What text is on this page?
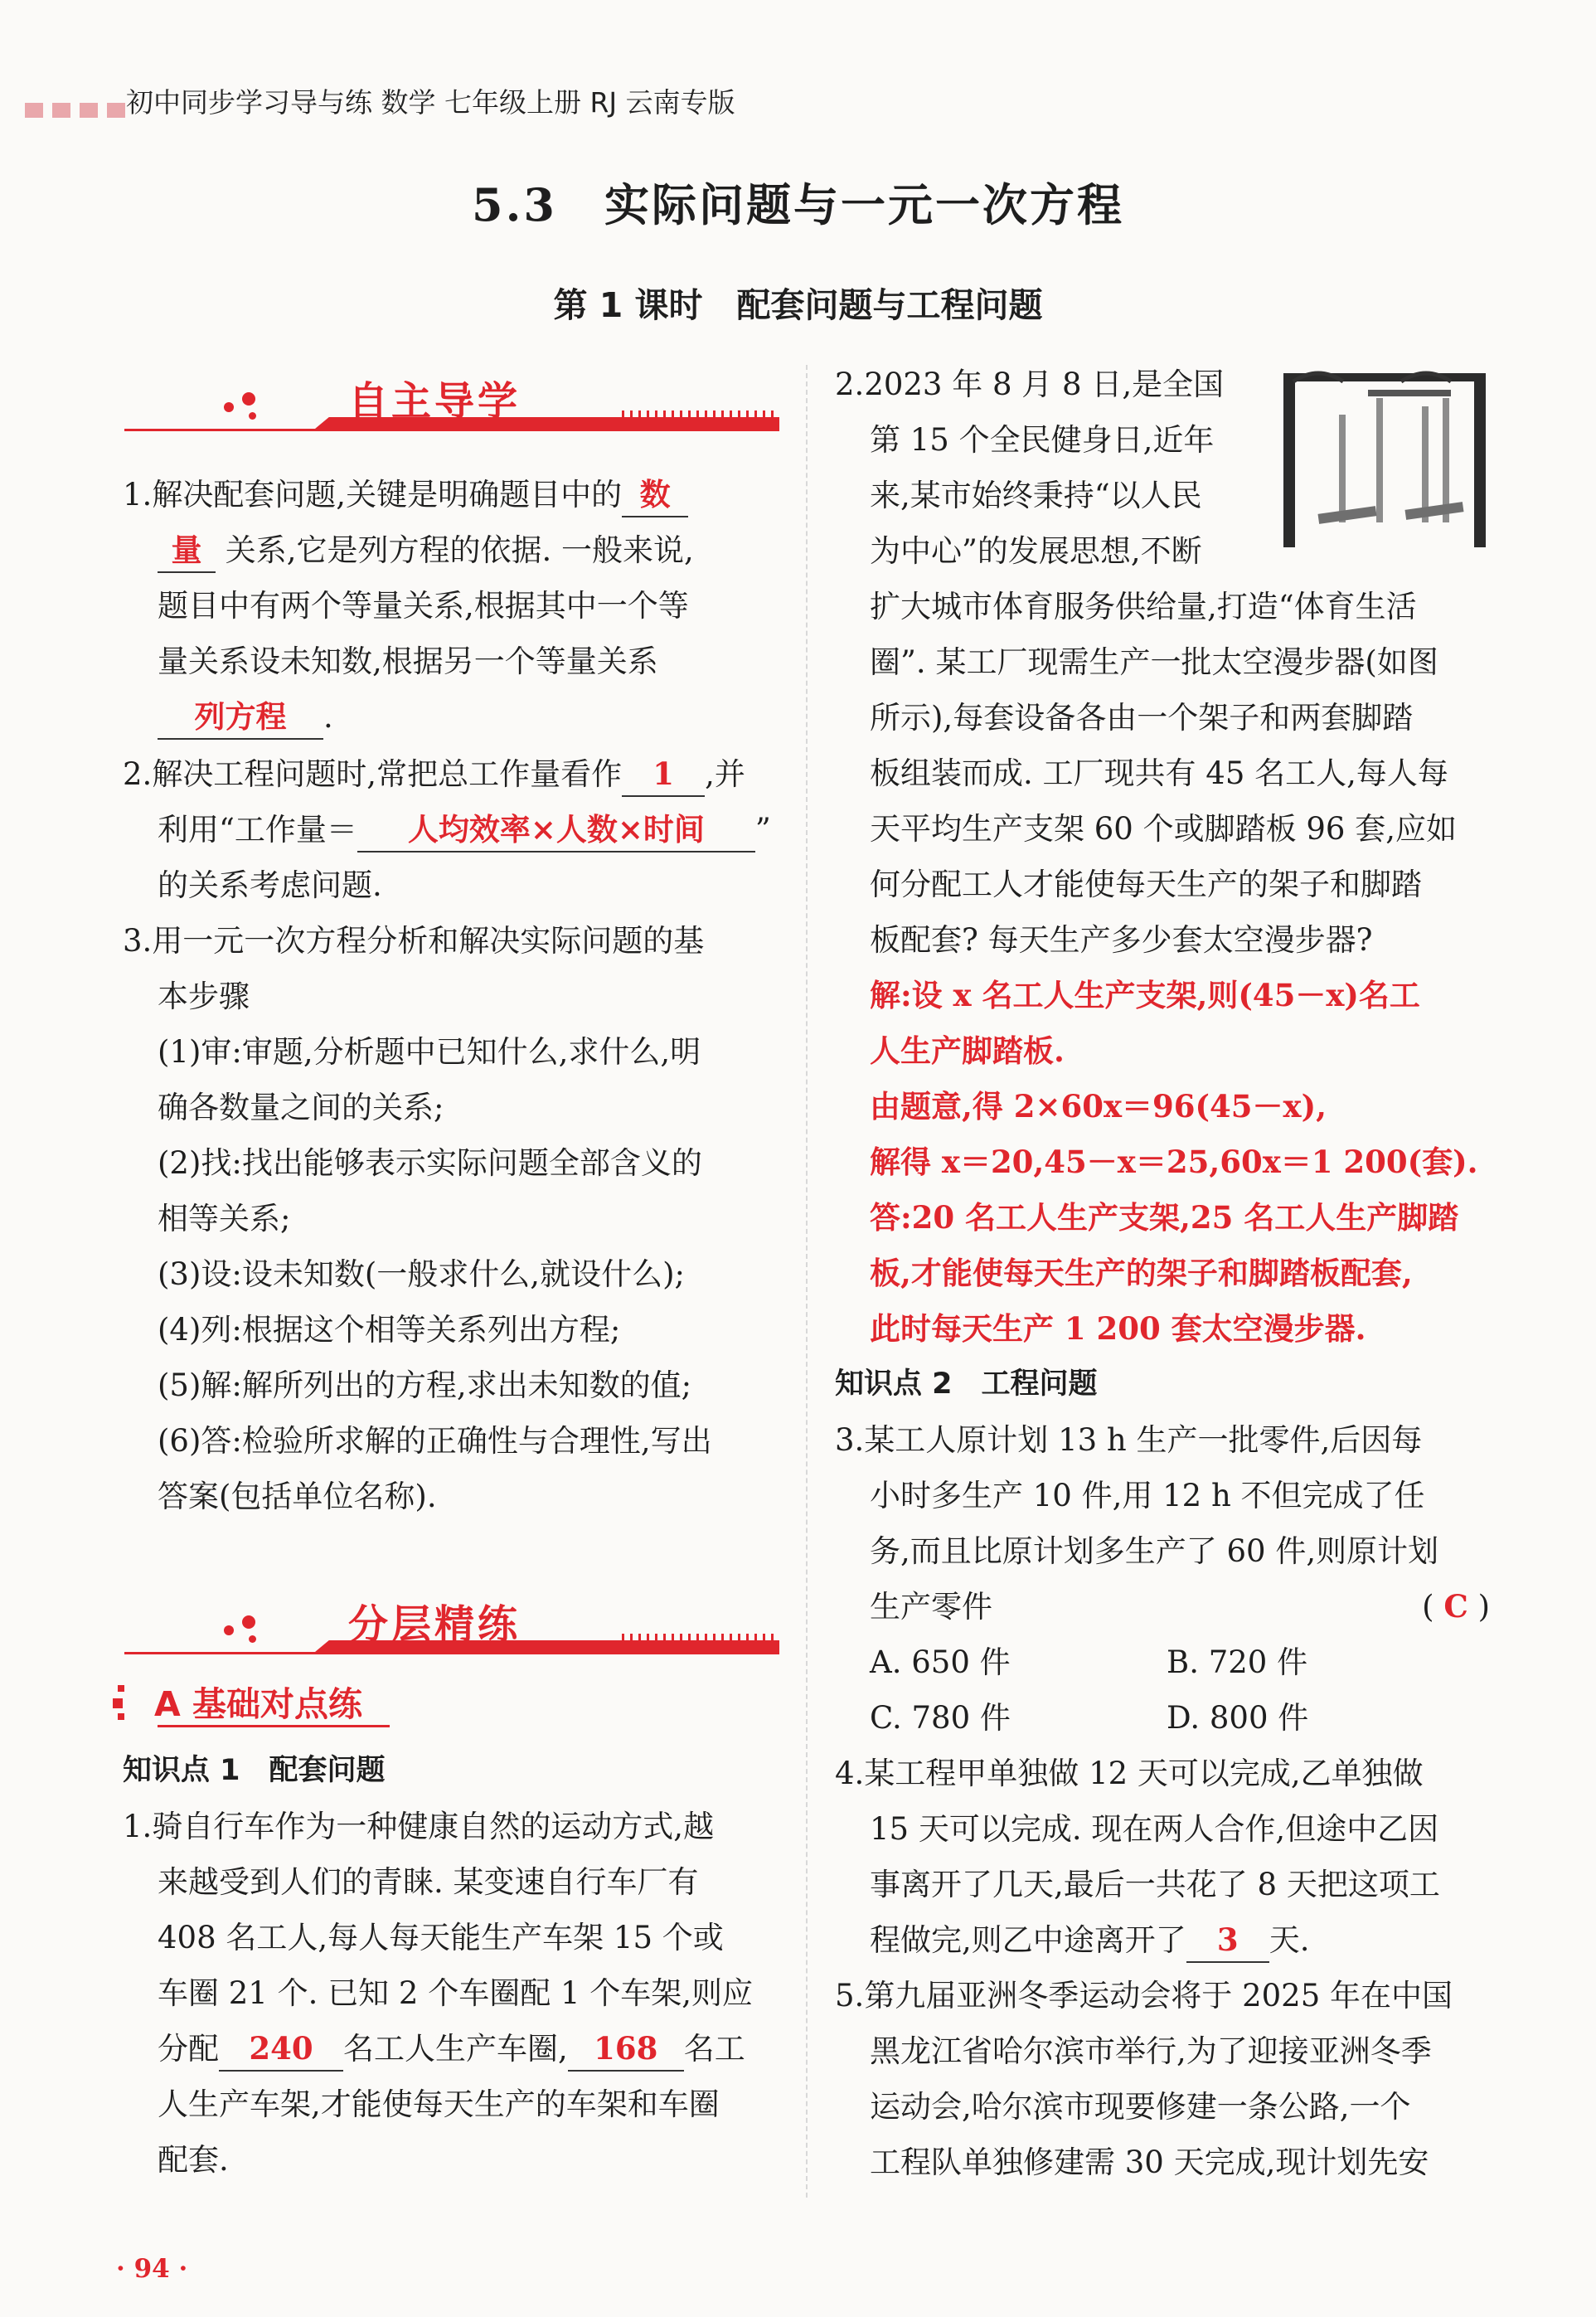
初中同步学习导与练 数学 七年级上册 RJ 云南专版
5.3　实际问题与一元一次方程
第 1 课时　配套问题与工程问题
自主导学

1.解决配套问题,关键是明确题目中的 数

量 关系,它是列方程的依据. 一般来说,

题目中有两个等量关系,根据其中一个等

量关系设未知数,根据另一个等量关系

列方程 .

2.解决工程问题时,常把总工作量看作 1 ,并

利用“工作量＝ 人均效率×人数×时间 ”

的关系考虑问题.

3.用一元一次方程分析和解决实际问题的基

本步骤

(1)审:审题,分析题中已知什么,求什么,明

确各数量之间的关系;

(2)找:找出能够表示实际问题全部含义的

相等关系;

(3)设:设未知数(一般求什么,就设什么);

(4)列:根据这个相等关系列出方程;

(5)解:解所列出的方程,求出未知数的值;

(6)答:检验所求解的正确性与合理性,写出

答案(包括单位名称).

分层精练
A 基础对点练

知识点 1　配套问题

1.骑自行车作为一种健康自然的运动方式,越

来越受到人们的青睐. 某变速自行车厂有

408 名工人,每人每天能生产车架 15 个或

车圈 21 个. 已知 2 个车圈配 1 个车架,则应

分配 240 名工人生产车圈, 168 名工

人生产车架,才能使每天生产的车架和车圈

配套.

2.2023 年 8 月 8 日,是全国

第 15 个全民健身日,近年

来,某市始终秉持“以人民

为中心”的发展思想,不断

扩大城市体育服务供给量,打造“体育生活

圈”. 某工厂现需生产一批太空漫步器(如图

所示),每套设备各由一个架子和两套脚踏

板组装而成. 工厂现共有 45 名工人,每人每

天平均生产支架 60 个或脚踏板 96 套,应如

何分配工人才能使每天生产的架子和脚踏

板配套? 每天生产多少套太空漫步器?

解:设 x 名工人生产支架,则(45－x)名工

人生产脚踏板.

由题意,得 2×60x＝96(45－x),

解得 x＝20,45－x＝25,60x＝1 200(套).

答:20 名工人生产支架,25 名工人生产脚踏

板,才能使每天生产的架子和脚踏板配套,

此时每天生产 1 200 套太空漫步器.

知识点 2　工程问题

3.某工人原计划 13 h 生产一批零件,后因每

小时多生产 10 件,用 12 h 不但完成了任

务,而且比原计划多生产了 60 件,则原计划

生产零件	( C )

A. 650 件	B. 720 件

C. 780 件	D. 800 件

4.某工程甲单独做 12 天可以完成,乙单独做

15 天可以完成. 现在两人合作,但途中乙因

事离开了几天,最后一共花了 8 天把这项工

程做完,则乙中途离开了 3 天.

5.第九届亚洲冬季运动会将于 2025 年在中国

黑龙江省哈尔滨市举行,为了迎接亚洲冬季

运动会,哈尔滨市现要修建一条公路,一个

工程队单独修建需 30 天完成,现计划先安

· 94 ·
